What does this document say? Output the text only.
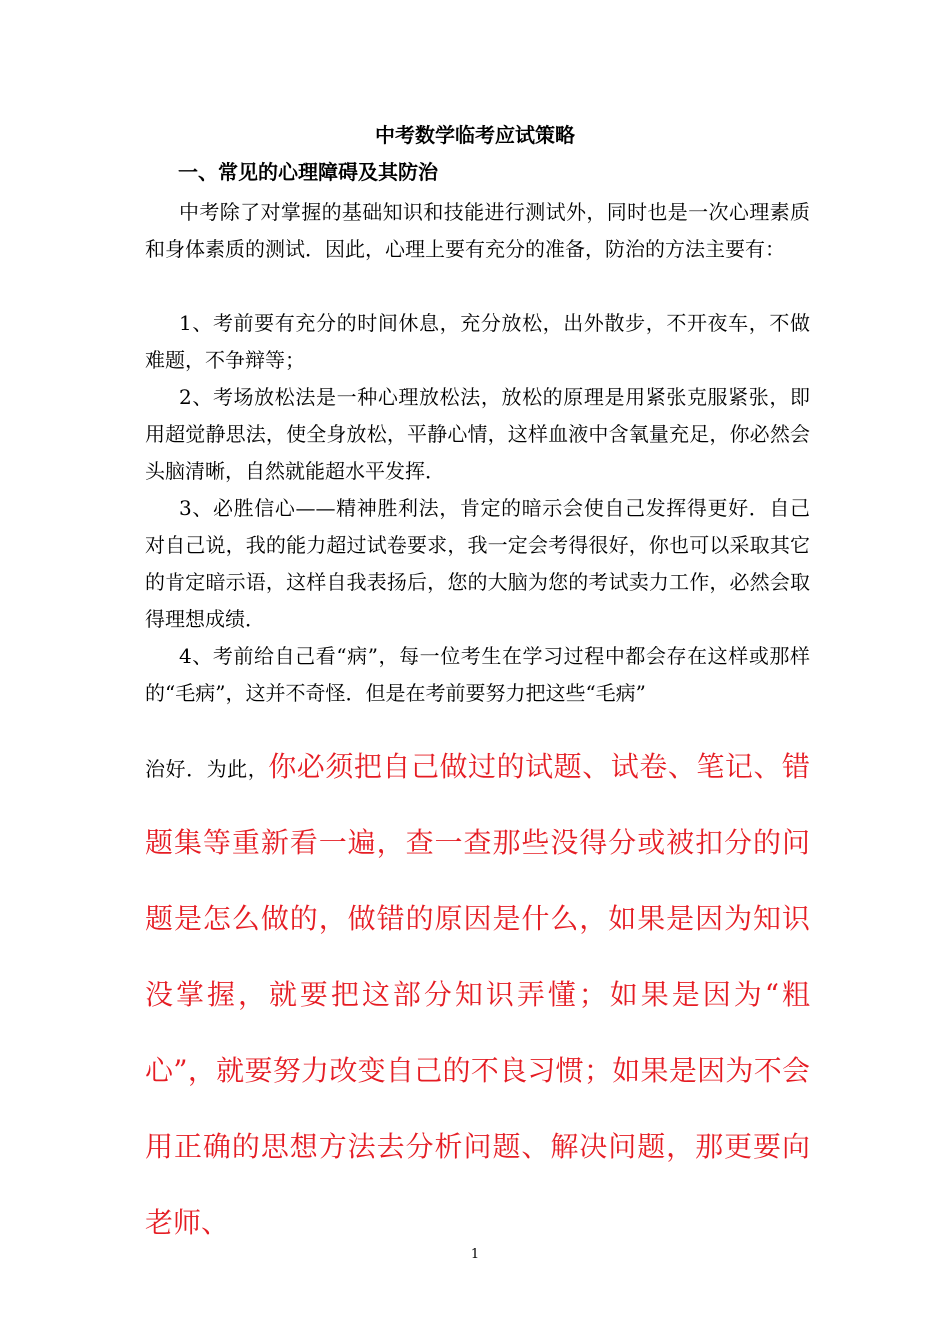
中考数学临考应试策略
一、常见的心理障碍及其防治

中考除了对掌握的基础知识和技能进行测试外，同时也是一次心理素质和身体素质的测试．因此，心理上要有充分的准备，防治的方法主要有：

1、考前要有充分的时间休息，充分放松，出外散步，不开夜车，不做难题，不争辩等；

2、考场放松法是一种心理放松法，放松的原理是用紧张克服紧张，即用超觉静思法，使全身放松，平静心情，这样血液中含氧量充足，你必然会头脑清晰，自然就能超水平发挥．

3、必胜信心——精神胜利法，肯定的暗示会使自己发挥得更好．自己对自己说，我的能力超过试卷要求，我一定会考得很好，你也可以采取其它的肯定暗示语，这样自我表扬后，您的大脑为您的考试卖力工作，必然会取得理想成绩．

4、考前给自己看“病”，每一位考生在学习过程中都会存在这样或那样的“毛病”，这并不奇怪．但是在考前要努力把这些“毛病”

治好．为此，你必须把自己做过的试题、试卷、笔记、错题集等重新看一遍，查一查那些没得分或被扣分的问题是怎么做的，做错的原因是什么，如果是因为知识没掌握，就要把这部分知识弄懂；如果是因为“粗心”，就要努力改变自己的不良习惯；如果是因为不会用正确的思想方法去分析问题、解决问题，那更要向老师、

1
